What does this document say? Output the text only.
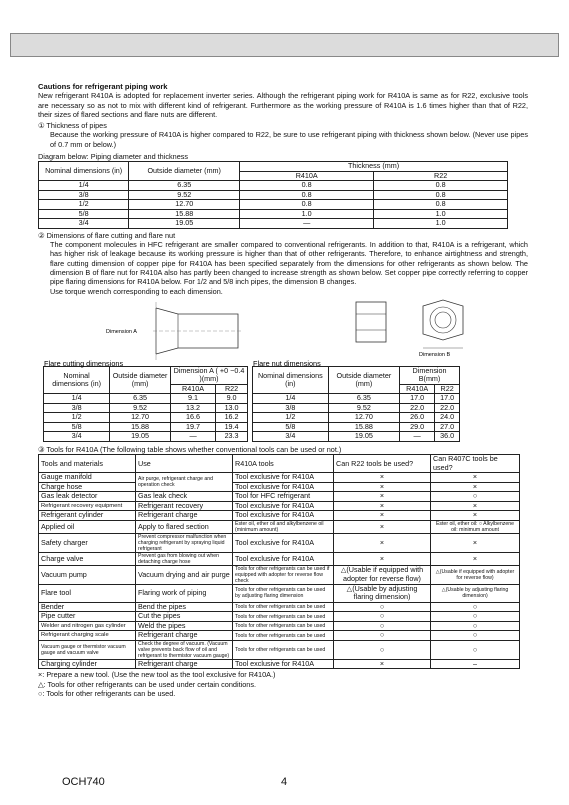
Cautions for refrigerant piping work

New refrigerant R410A is adopted for replacement inverter series. Although the refrigerant piping work for R410A is same as for R22, exclusive tools are necessary so as not to mix with different kind of refrigerant. Furthermore as the working pressure of R410A is 1.6 times higher than that of R22, their sizes of flared sections and flare nuts are different.

① Thickness of pipes

Because the working pressure of R410A is higher compared to R22, be sure to use refrigerant piping with thickness shown below. (Never use pipes of 0.7 mm or below.)

Diagram below: Piping diameter and thickness

Nominal dimensions (in)	Outside diameter (mm)	Thickness (mm)	
		R410A	R22
1/4	6.35	0.8	0.8
3/8	9.52	0.8	0.8
1/2	12.70	0.8	0.8
5/8	15.88	1.0	1.0
3/4	19.05	—	1.0

② Dimensions of flare cutting and flare nut

The component molecules in HFC refrigerant are smaller compared to conventional refrigerants. In addition to that, R410A is a refrigerant, which has higher risk of leakage because its working pressure is higher than that of other refrigerants. Therefore, to enhance airtightness and strength, flare cutting dimension of copper pipe for R410A has been specified separately from the dimensions for other refrigerants as shown below. The dimension B of flare nut for R410A also has partly been changed to increase strength as shown below. Set copper pipe correctly referring to copper pipe flaring dimensions for R410A below. For 1/2 and 5/8 inch pipes, the dimension B changes.

Use torque wrench corresponding to each dimension.

Dimension A
Dimension B
Flare cutting dimensions	Flare nut dimensions
Nominal dimensions (in)	Outside diameter (mm)	Dimension A ( +0 −0.4 )(mm)	
		R410A	R22
1/4	6.35	9.1	9.0
3/8	9.52	13.2	13.0
1/2	12.70	16.6	16.2
5/8	15.88	19.7	19.4
3/4	19.05	—	23.3
Nominal dimensions (in)	Outside diameter (mm)	Dimension B(mm)	
		R410A	R22
1/4	6.35	17.0	17.0
3/8	9.52	22.0	22.0
1/2	12.70	26.0	24.0
5/8	15.88	29.0	27.0
3/4	19.05	—	36.0

③ Tools for R410A (The following table shows whether conventional tools can be used or not.)

Tools and materials	Use	R410A tools	Can R22 tools be used?	Can R407C tools be used?
Gauge manifold	Air purge, refrigerant charge and operation check	Tool exclusive for R410A	×	×
Charge hose		Tool exclusive for R410A	×	×
Gas leak detector	Gas leak check	Tool for HFC refrigerant	×	○
Refrigerant recovery equipment	Refrigerant recovery	Tool exclusive for R410A	×	×
Refrigerant cylinder	Refrigerant charge	Tool exclusive for R410A	×	×
Applied oil	Apply to flared section	Ester oil, ether oil and alkylbenzene oil (minimum amount)	×	Ester oil, ether oil: ○ Alkylbenzene oil: minimum amount
Safety charger	Prevent compressor malfunction when charging refrigerant by spraying liquid refrigerant	Tool exclusive for R410A	×	×
Charge valve	Prevent gas from blowing out when detaching charge hose	Tool exclusive for R410A	×	×
Vacuum pump	Vacuum drying and air purge	Tools for other refrigerants can be used if equipped with adopter for reverse flow check	△(Usable if equipped with adopter for reverse flow)	△(Usable if equipped with adopter for reverse flow)
Flare tool	Flaring work of piping	Tools for other refrigerants can be used by adjusting flaring dimension	△(Usable by adjusting flaring dimension)	△(Usable by adjusting flaring dimension)
Bender	Bend the pipes	Tools for other refrigerants can be used	○	○
Pipe cutter	Cut the pipes	Tools for other refrigerants can be used	○	○
Welder and nitrogen gas cylinder	Weld the pipes	Tools for other refrigerants can be used	○	○
Refrigerant charging scale	Refrigerant charge	Tools for other refrigerants can be used	○	○
Vacuum gauge or thermistor vacuum gauge and vacuum valve	Check the degree of vacuum. (Vacuum valve prevents back flow of oil and refrigerant to thermistor vacuum gauge)	Tools for other refrigerants can be used	○	○
Charging cylinder	Refrigerant charge	Tool exclusive for R410A	×	–

×: Prepare a new tool. (Use the new tool as the tool exclusive for R410A.)

△: Tools for other refrigerants can be used under certain conditions.

○: Tools for other refrigerants can be used.

OCH740	4
